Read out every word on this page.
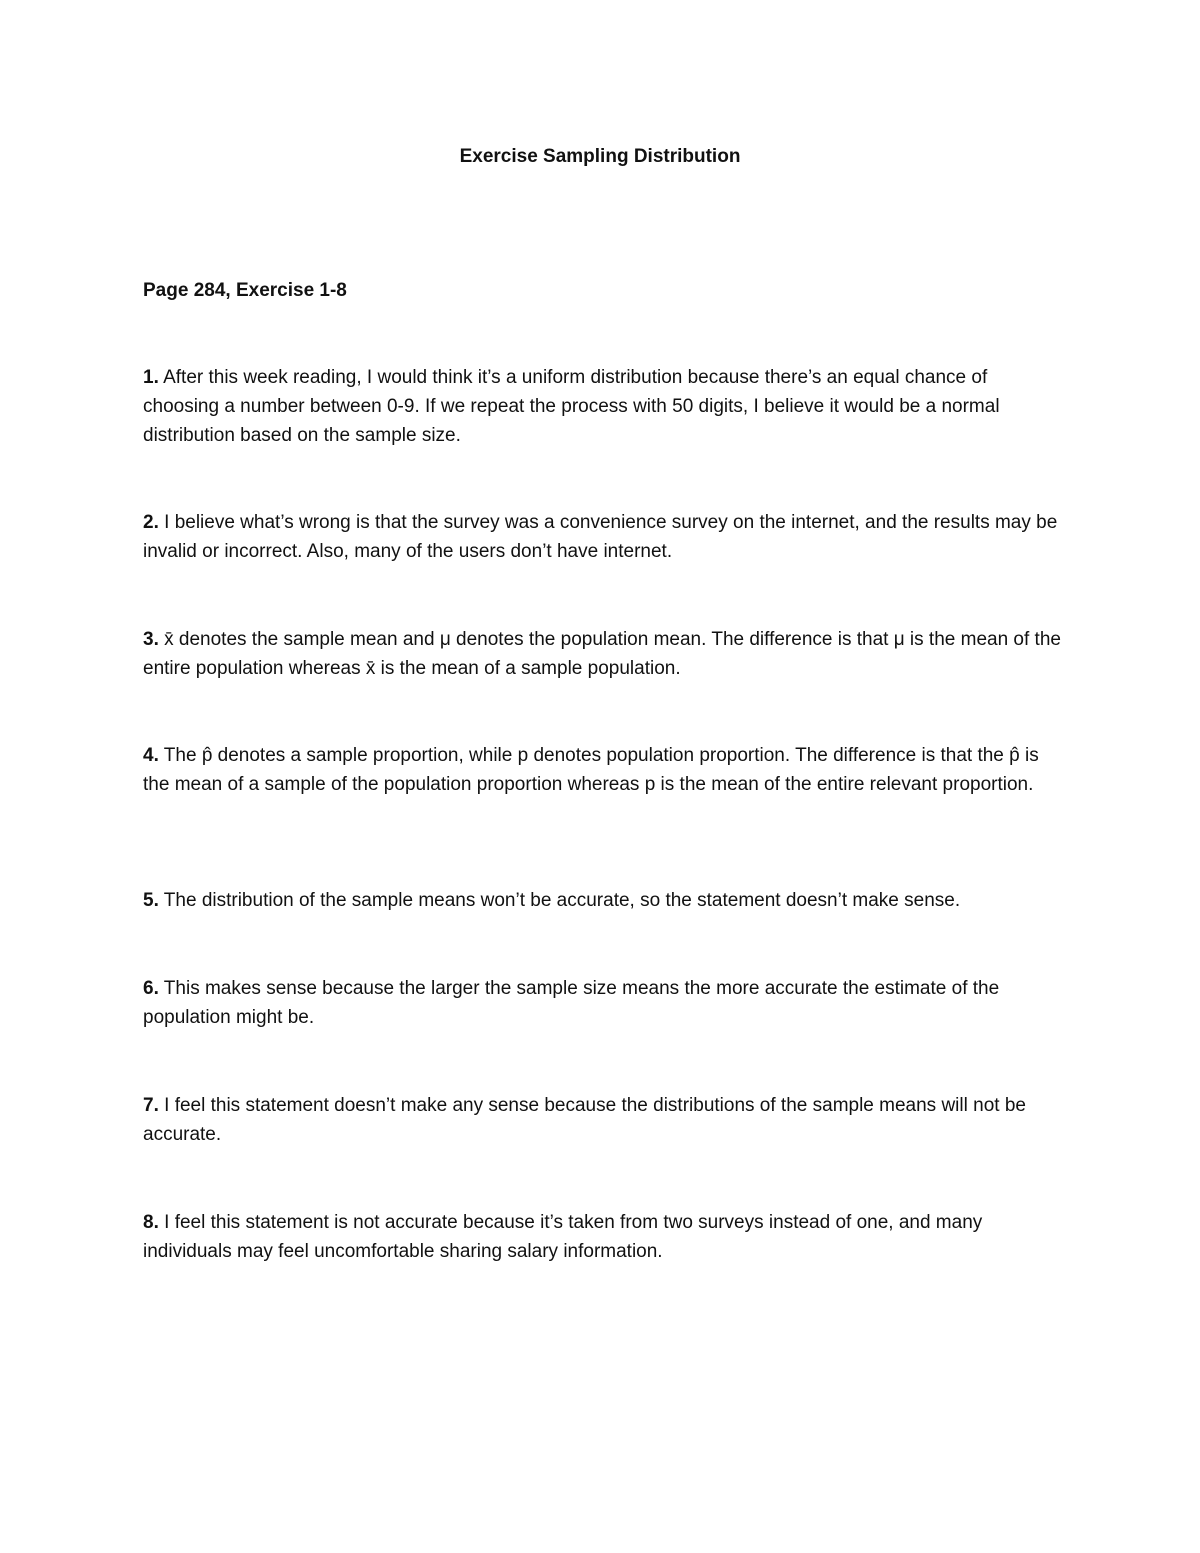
Exercise Sampling Distribution
Page 284, Exercise 1-8

1. After this week reading, I would think it’s a uniform distribution because there’s an equal chance of choosing a number between 0-9. If we repeat the process with 50 digits, I believe it would be a normal distribution based on the sample size.

2. I believe what’s wrong is that the survey was a convenience survey on the internet, and the results may be invalid or incorrect. Also, many of the users don’t have internet.

3. x̄ denotes the sample mean and μ denotes the population mean. The difference is that μ is the mean of the entire population whereas x̄ is the mean of a sample population.

4. The p̂ denotes a sample proportion, while p denotes population proportion. The difference is that the p̂ is the mean of a sample of the population proportion whereas p is the mean of the entire relevant proportion.

5. The distribution of the sample means won’t be accurate, so the statement doesn’t make sense.

6. This makes sense because the larger the sample size means the more accurate the estimate of the population might be.

7. I feel this statement doesn’t make any sense because the distributions of the sample means will not be accurate.

8. I feel this statement is not accurate because it’s taken from two surveys instead of one, and many individuals may feel uncomfortable sharing salary information.
